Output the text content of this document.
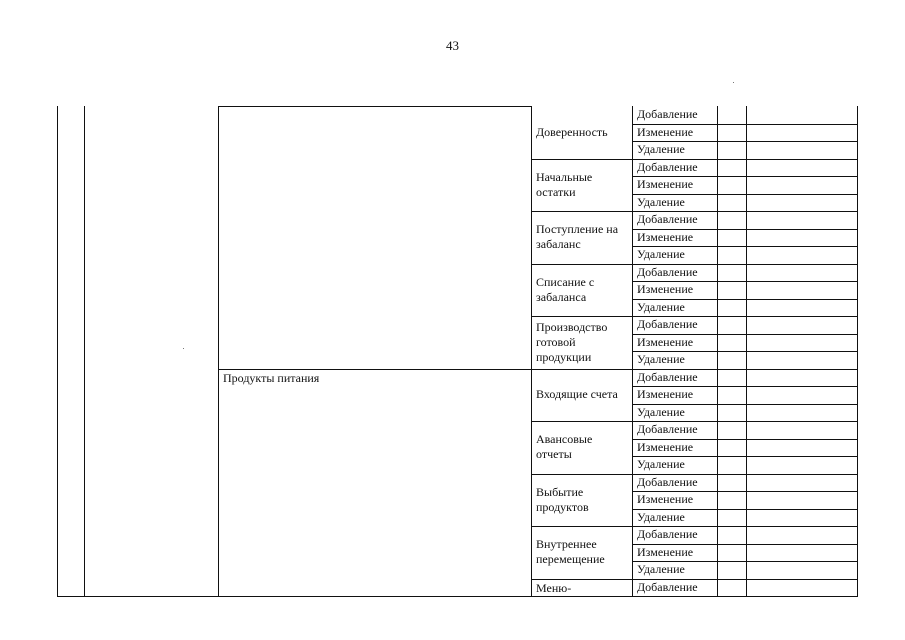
43
Доверенность
Добавление
Изменение
Удаление
Начальные
остатки
Добавление
Изменение
Удаление
Поступление на
забаланс
Добавление
Изменение
Удаление
Списание с
забаланса
Добавление
Изменение
Удаление
Производство
готовой
продукции
Добавление
Изменение
Удаление
Продукты питания
Входящие счета
Добавление
Изменение
Удаление
Авансовые
отчеты
Добавление
Изменение
Удаление
Выбытие
продуктов
Добавление
Изменение
Удаление
Внутреннее
перемещение
Добавление
Изменение
Удаление
Меню-	Добавление
